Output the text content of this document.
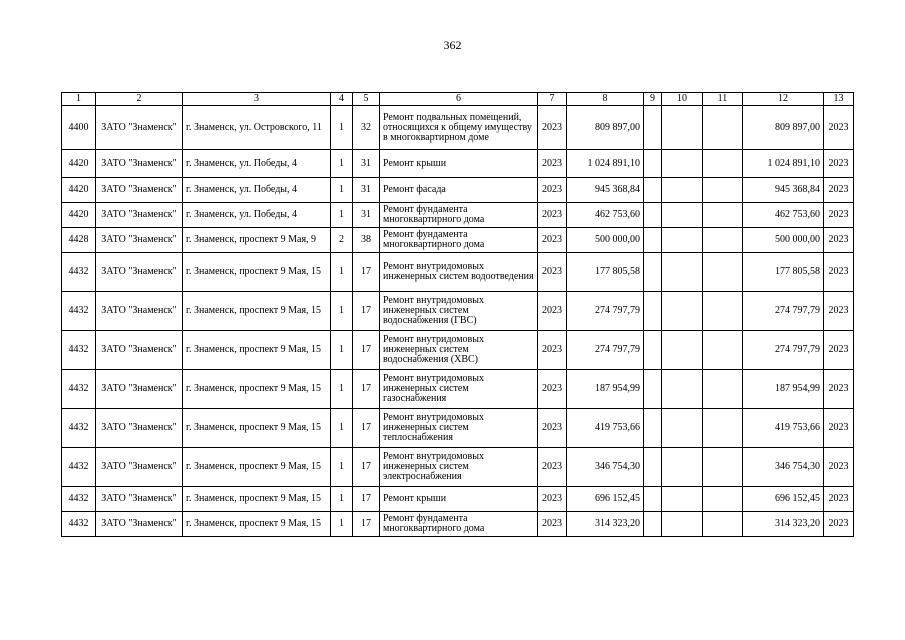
362
1	2	3	4	5	6	7	8	9	10	11	12	13
4400	ЗАТО "Знаменск"	г. Знаменск, ул. Островского, 11	1	32	Ремонт подвальных помещений, относящихся к общему имуществу в многоквартирном доме	2023	809 897,00				809 897,00	2023
4420	ЗАТО "Знаменск"	г. Знаменск, ул. Победы, 4	1	31	Ремонт крыши	2023	1 024 891,10				1 024 891,10	2023
4420	ЗАТО "Знаменск"	г. Знаменск, ул. Победы, 4	1	31	Ремонт фасада	2023	945 368,84				945 368,84	2023
4420	ЗАТО "Знаменск"	г. Знаменск, ул. Победы, 4	1	31	Ремонт фундамента многоквартирного дома	2023	462 753,60				462 753,60	2023
4428	ЗАТО "Знаменск"	г. Знаменск, проспект 9 Мая, 9	2	38	Ремонт фундамента многоквартирного дома	2023	500 000,00				500 000,00	2023
4432	ЗАТО "Знаменск"	г. Знаменск, проспект 9 Мая, 15	1	17	Ремонт внутридомовых инженерных систем водоотведения	2023	177 805,58				177 805,58	2023
4432	ЗАТО "Знаменск"	г. Знаменск, проспект 9 Мая, 15	1	17	Ремонт внутридомовых инженерных систем водоснабжения (ГВС)	2023	274 797,79				274 797,79	2023
4432	ЗАТО "Знаменск"	г. Знаменск, проспект 9 Мая, 15	1	17	Ремонт внутридомовых инженерных систем водоснабжения (ХВС)	2023	274 797,79				274 797,79	2023
4432	ЗАТО "Знаменск"	г. Знаменск, проспект 9 Мая, 15	1	17	Ремонт внутридомовых инженерных систем газоснабжения	2023	187 954,99				187 954,99	2023
4432	ЗАТО "Знаменск"	г. Знаменск, проспект 9 Мая, 15	1	17	Ремонт внутридомовых инженерных систем теплоснабжения	2023	419 753,66				419 753,66	2023
4432	ЗАТО "Знаменск"	г. Знаменск, проспект 9 Мая, 15	1	17	Ремонт внутридомовых инженерных систем электроснабжения	2023	346 754,30				346 754,30	2023
4432	ЗАТО "Знаменск"	г. Знаменск, проспект 9 Мая, 15	1	17	Ремонт крыши	2023	696 152,45				696 152,45	2023
4432	ЗАТО "Знаменск"	г. Знаменск, проспект 9 Мая, 15	1	17	Ремонт фундамента многоквартирного дома	2023	314 323,20				314 323,20	2023
